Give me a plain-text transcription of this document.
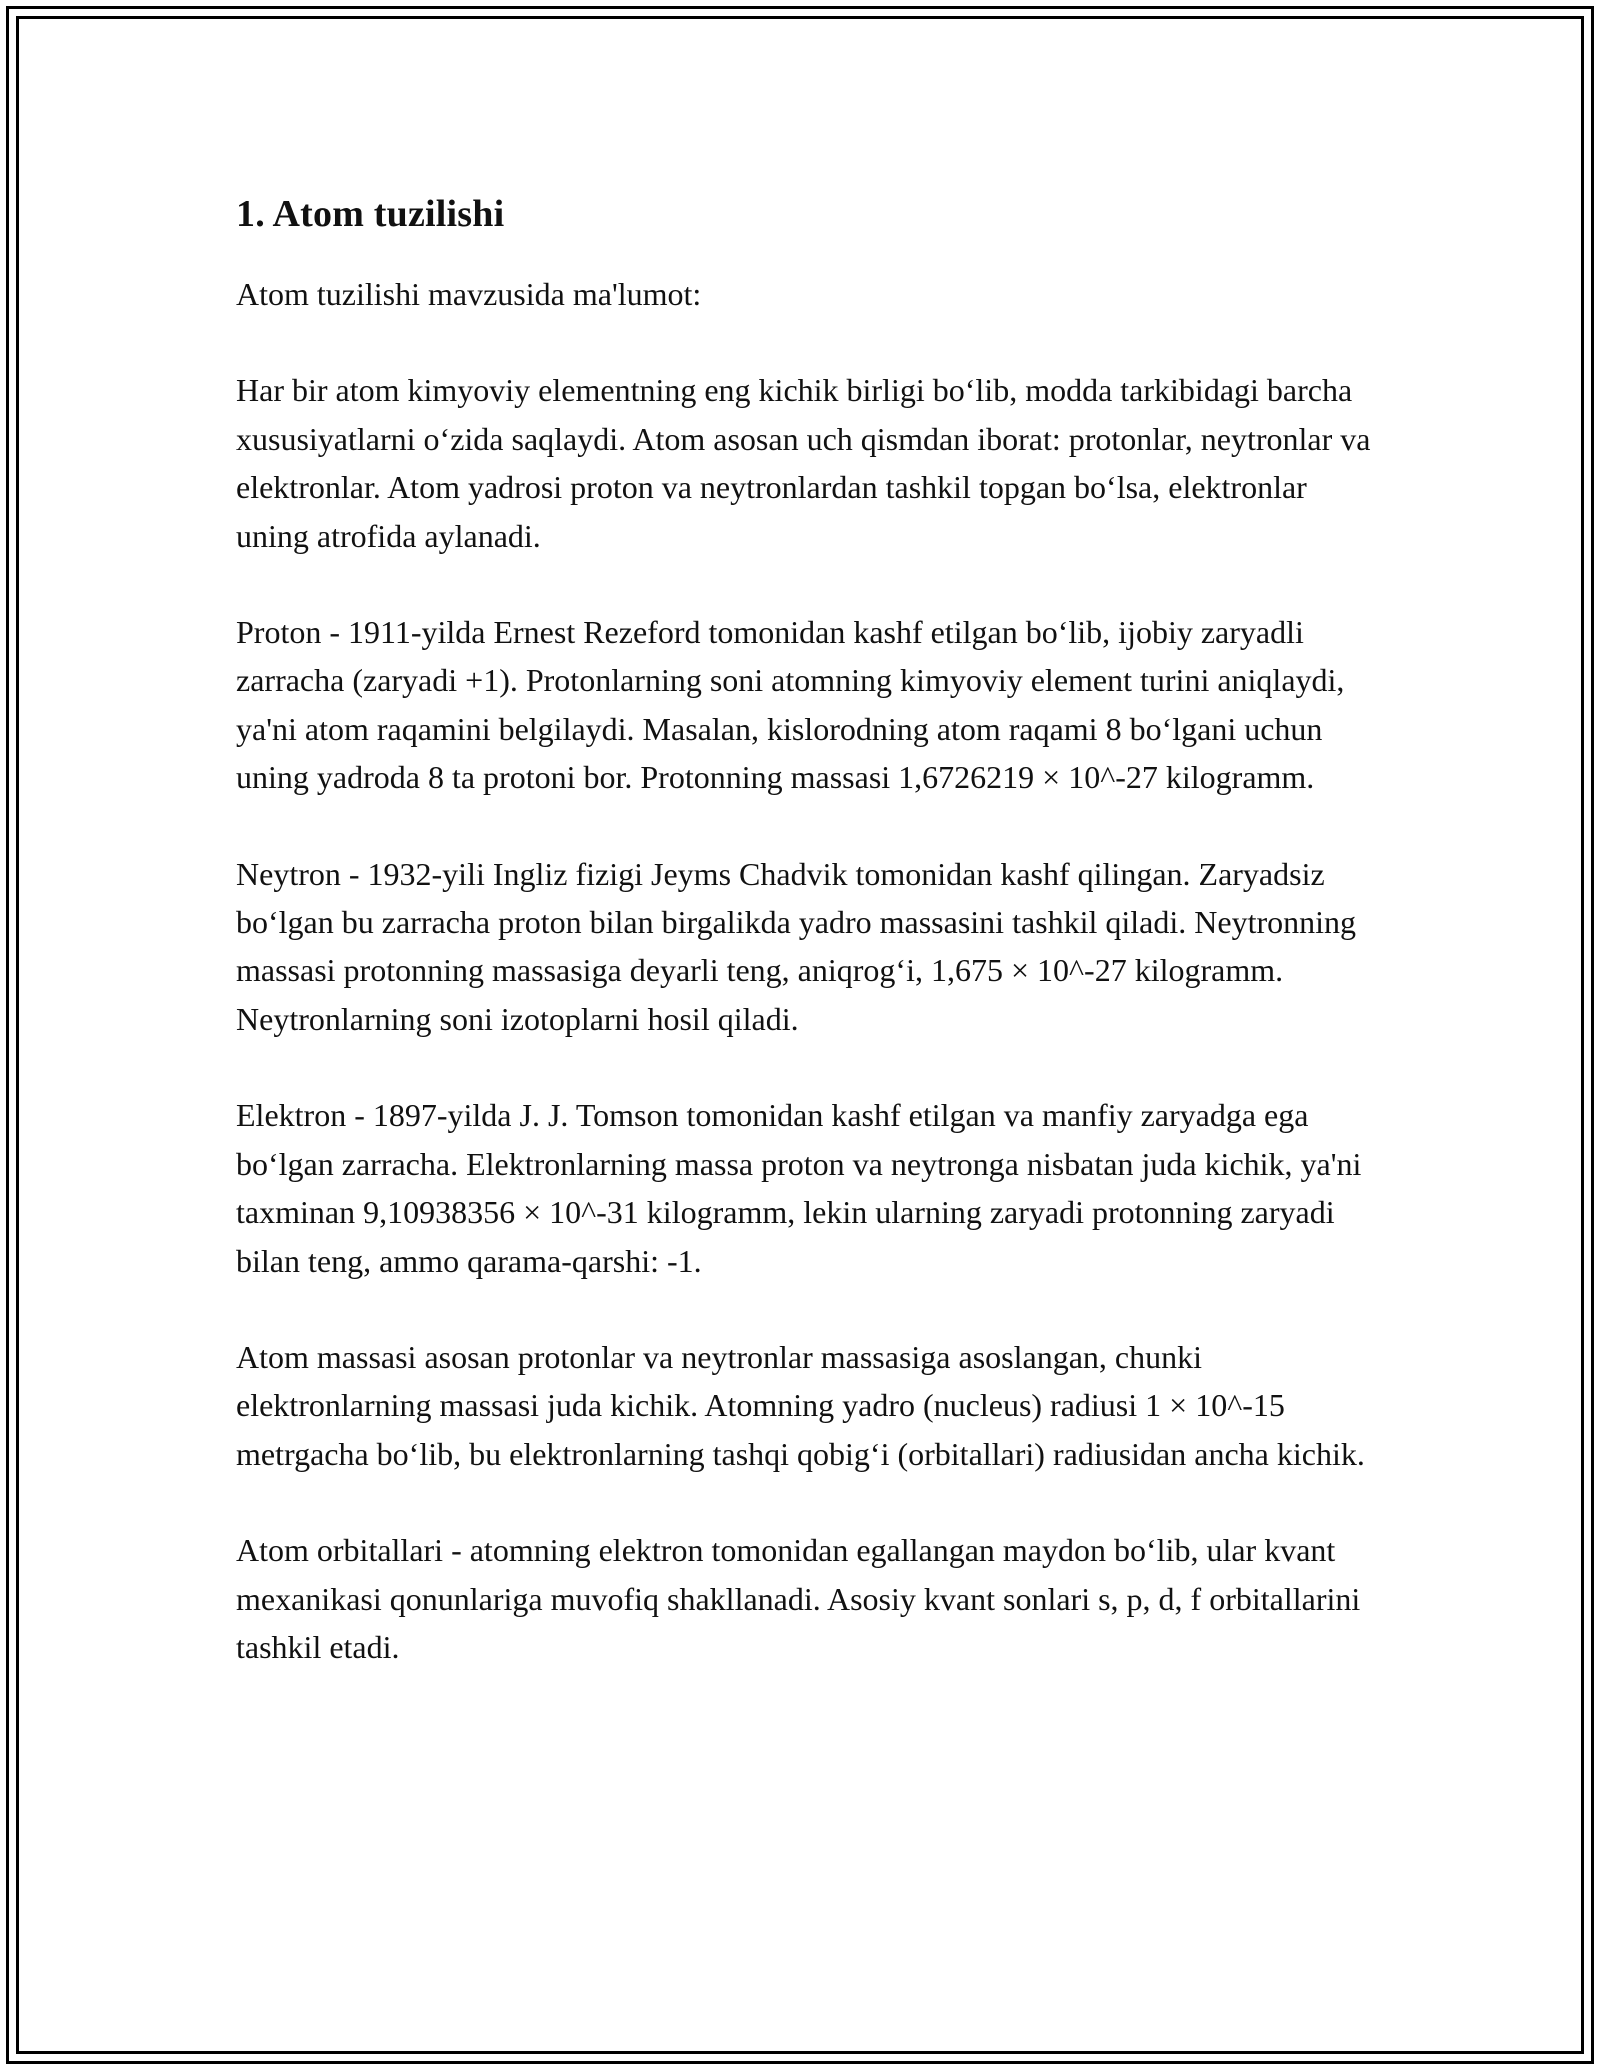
1. Atom tuzilishi

Atom tuzilishi mavzusida ma'lumot:

Har bir atom kimyoviy elementning eng kichik birligi bo‘lib, modda tarkibidagi barcha xususiyatlarni o‘zida saqlaydi. Atom asosan uch qismdan iborat: protonlar, neytronlar va elektronlar. Atom yadrosi proton va neytronlardan tashkil topgan bo‘lsa, elektronlar uning atrofida aylanadi.

Proton - 1911-yilda Ernest Rezeford tomonidan kashf etilgan bo‘lib, ijobiy zaryadli zarracha (zaryadi +1). Protonlarning soni atomning kimyoviy element turini aniqlaydi, ya'ni atom raqamini belgilaydi. Masalan, kislorodning atom raqami 8 bo‘lgani uchun uning yadroda 8 ta protoni bor. Protonning massasi 1,6726219 × 10^-27 kilogramm.

Neytron - 1932-yili Ingliz fizigi Jeyms Chadvik tomonidan kashf qilingan. Zaryadsiz bo‘lgan bu zarracha proton bilan birgalikda yadro massasini tashkil qiladi. Neytronning massasi protonning massasiga deyarli teng, aniqrog‘i, 1,675 × 10^-27 kilogramm. Neytronlarning soni izotoplarni hosil qiladi.

Elektron - 1897-yilda J. J. Tomson tomonidan kashf etilgan va manfiy zaryadga ega bo‘lgan zarracha. Elektronlarning massa proton va neytronga nisbatan juda kichik, ya'ni taxminan 9,10938356 × 10^-31 kilogramm, lekin ularning zaryadi protonning zaryadi bilan teng, ammo qarama-qarshi: -1.

Atom massasi asosan protonlar va neytronlar massasiga asoslangan, chunki elektronlarning massasi juda kichik. Atomning yadro (nucleus) radiusi 1 × 10^-15 metrgacha bo‘lib, bu elektronlarning tashqi qobig‘i (orbitallari) radiusidan ancha kichik.

Atom orbitallari - atomning elektron tomonidan egallangan maydon bo‘lib, ular kvant mexanikasi qonunlariga muvofiq shakllanadi. Asosiy kvant sonlari s, p, d, f orbitallarini tashkil etadi.
